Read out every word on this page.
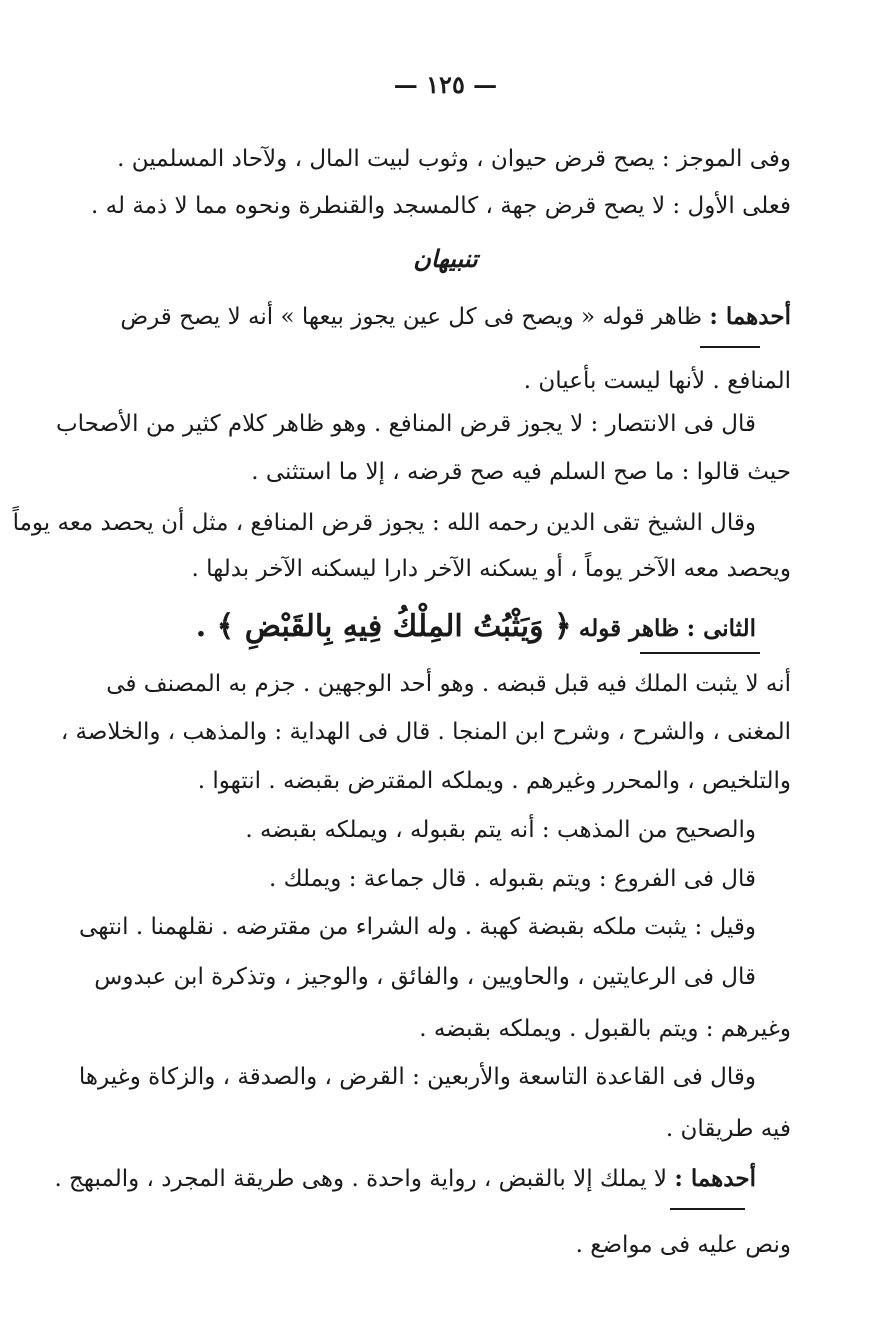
— ١٢٥ —
وفى الموجز : يصح قرض حيوان ، وثوب لبيت المال ، ولآحاد المسلمين .
فعلى الأول : لا يصح قرض جهة ، كالمسجد والقنطرة ونحوه مما لا ذمة له .
تنبيهان
أحدهما : ظاهر قوله « ويصح فى كل عين يجوز بيعها » أنه لا يصح قرض
المنافع . لأنها ليست بأعيان .
قال فى الانتصار : لا يجوز قرض المنافع . وهو ظاهر كلام كثير من الأصحاب
حيث قالوا : ما صح السلم فيه صح قرضه ، إلا ما استثنى .
وقال الشيخ تقى الدين رحمه الله : يجوز قرض المنافع ، مثل أن يحصد معه يوماً
ويحصد معه الآخر يوماً ، أو يسكنه الآخر دارا ليسكنه الآخر بدلها .
الثانى : ظاهر قوله ﴿ وَيَثْبُتُ المِلْكُ فِيهِ بِالقَبْضِ ﴾ .
أنه لا يثبت الملك فيه قبل قبضه . وهو أحد الوجهين . جزم به المصنف فى
المغنى ، والشرح ، وشرح ابن المنجا . قال فى الهداية : والمذهب ، والخلاصة ،
والتلخيص ، والمحرر وغيرهم . ويملكه المقترض بقبضه . انتهوا .
والصحيح من المذهب : أنه يتم بقبوله ، ويملكه بقبضه .
قال فى الفروع : ويتم بقبوله . قال جماعة : ويملك .
وقيل : يثبت ملكه بقبضة كهبة . وله الشراء من مقترضه . نقلهمنا . انتهى
قال فى الرعايتين ، والحاويين ، والفائق ، والوجيز ، وتذكرة ابن عبدوس
وغيرهم : ويتم بالقبول . ويملكه بقبضه .
وقال فى القاعدة التاسعة والأربعين : القرض ، والصدقة ، والزكاة وغيرها
فيه طريقان .
أحدهما : لا يملك إلا بالقبض ، رواية واحدة . وهى طريقة المجرد ، والمبهج .
ونص عليه فى مواضع .
